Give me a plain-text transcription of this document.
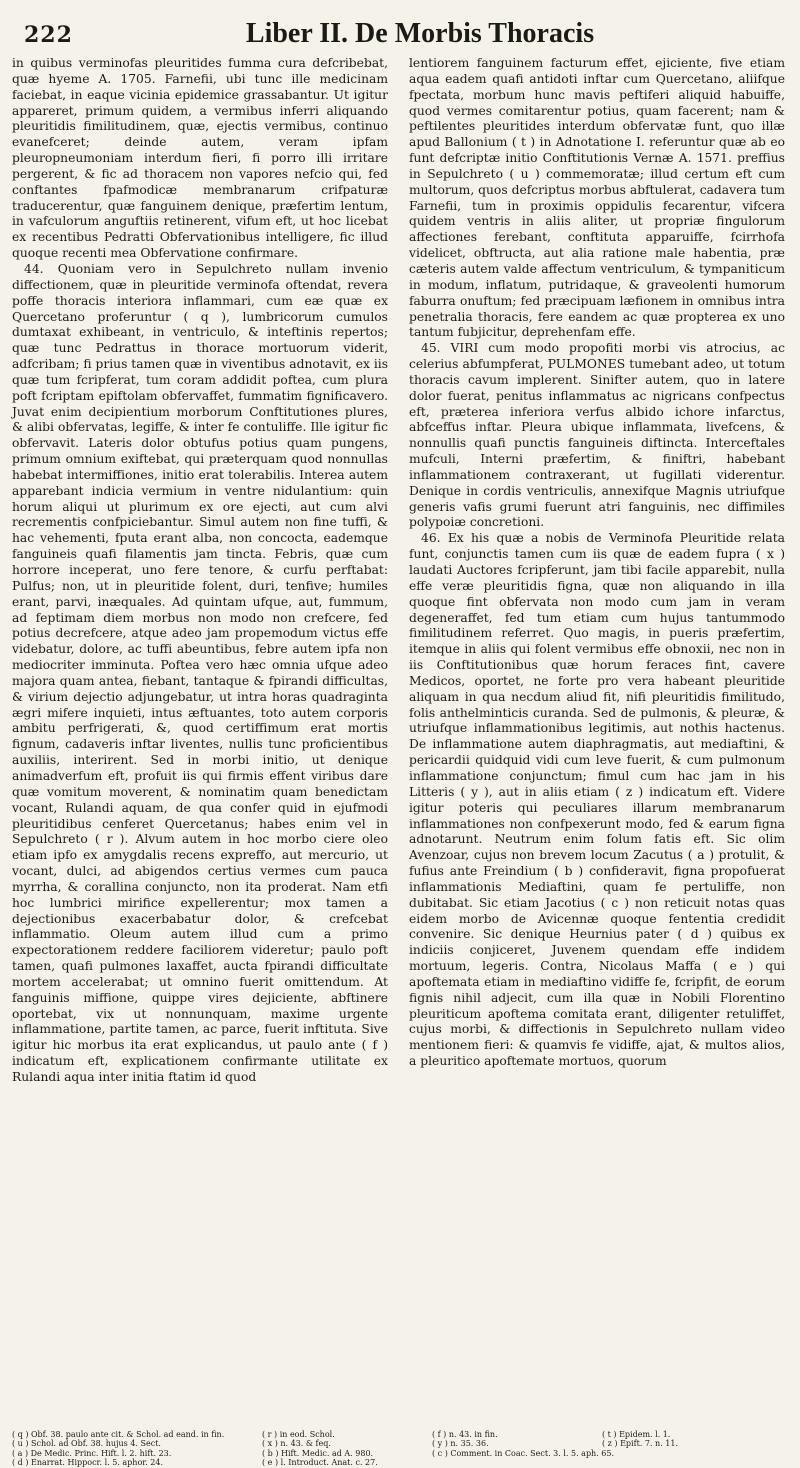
222	Liber II. De Morbis Thoracis

in quibus verminofas pleuritides fumma cura defcribebat, quæ hyeme A. 1705. Farnefii, ubi tunc ille medicinam faciebat, in eaque vicinia epidemice grassabantur. Ut igitur appareret, primum quidem, a vermibus inferri aliquando pleuritidis fimilitudinem, quæ, ejectis vermibus, continuo evanefceret; deinde autem, veram ipfam pleuropneumoniam interdum fieri, fi porro illi irritare pergerent, & fic ad thoracem non vapores nefcio qui, fed conftantes fpafmodicæ membranarum crifpaturæ traducerentur, quæ fanguinem denique, præfertim lentum, in vafculorum anguftiis retinerent, vifum eft, ut hoc licebat ex recentibus Pedratti Obfervationibus intelligere, fic illud quoque recenti mea Obfervatione confirmare.

44. Quoniam vero in Sepulchreto nullam invenio diffectionem, quæ in pleuritide verminofa oftendat, revera poffe thoracis interiora inflammari, cum eæ quæ ex Quercetano proferuntur ( q ), lumbricorum cumulos dumtaxat exhibeant, in ventriculo, & inteftinis repertos; quæ tunc Pedrattus in thorace mortuorum viderit, adfcribam; fi prius tamen quæ in viventibus adnotavit, ex iis quæ tum fcripferat, tum coram addidit poftea, cum plura poft fcriptam epiftolam obfervaffet, fummatim fignificavero. Juvat enim decipientium morborum Conftitutiones plures, & alibi obfervatas, legiffe, & inter fe contuliffe. Ille igitur fic obfervavit. Lateris dolor obtufus potius quam pungens, primum omnium exiftebat, qui præterquam quod nonnullas habebat intermiffiones, initio erat tolerabilis. Interea autem apparebant indicia vermium in ventre nidulantium: quin horum aliqui ut plurimum ex ore ejecti, aut cum alvi recrementis confpiciebantur. Simul autem non fine tuffi, & hac vehementi, fputa erant alba, non concocta, eademque fanguineis quafi filamentis jam tincta. Febris, quæ cum horrore inceperat, uno fere tenore, & curfu perftabat: Pulfus; non, ut in pleuritide folent, duri, tenfive; humiles erant, parvi, inæquales. Ad quintam ufque, aut, fummum, ad feptimam diem morbus non modo non crefcere, fed potius decrefcere, atque adeo jam propemodum victus effe videbatur, dolore, ac tuffi abeuntibus, febre autem ipfa non mediocriter imminuta. Poftea vero hæc omnia ufque adeo majora quam antea, fiebant, tantaque & fpirandi difficultas, & virium dejectio adjungebatur, ut intra horas quadraginta ægri mifere inquieti, intus æftuantes, toto autem corporis ambitu perfrigerati, &, quod certiffimum erat mortis fignum, cadaveris inftar liventes, nullis tunc proficientibus auxiliis, interirent. Sed in morbi initio, ut denique animadverfum eft, profuit iis qui firmis effent viribus dare quæ vomitum moverent, & nominatim quam benedictam vocant, Rulandi aquam, de qua confer quid in ejufmodi pleuritidibus cenferet Quercetanus; habes enim vel in Sepulchreto ( r ). Alvum autem in hoc morbo ciere oleo etiam ipfo ex amygdalis recens expreffo, aut mercurio, ut vocant, dulci, ad abigendos certius vermes cum pauca myrrha, & corallina conjuncto, non ita proderat. Nam etfi hoc lumbrici mirifice expellerentur; mox tamen a dejectionibus exacerbabatur dolor, & crefcebat inflammatio. Oleum autem illud cum a primo expectorationem reddere faciliorem videretur; paulo poft tamen, quafi pulmones laxaffet, aucta fpirandi difficultate mortem accelerabat; ut omnino fuerit omittendum. At fanguinis miffione, quippe vires dejiciente, abftinere oportebat, vix ut nonnunquam, maxime urgente inflammatione, partite tamen, ac parce, fuerit inftituta. Sive igitur hic morbus ita erat explicandus, ut paulo ante ( f ) indicatum eft, explicationem confirmante utilitate ex Rulandi aqua inter initia ftatim id quod

lentiorem fanguinem facturum effet, ejiciente, five etiam aqua eadem quafi antidoti inftar cum Quercetano, aliifque fpectata, morbum hunc mavis peftiferi aliquid habuiffe, quod vermes comitarentur potius, quam facerent; nam & peftilentes pleuritides interdum obfervatæ funt, quo illæ apud Ballonium ( t ) in Adnotatione I. referuntur quæ ab eo funt defcriptæ initio Conftitutionis Vernæ A. 1571. preffius in Sepulchreto ( u ) commemoratæ; illud certum eft cum multorum, quos defcriptus morbus abftulerat, cadavera tum Farnefii, tum in proximis oppidulis fecarentur, vifcera quidem ventris in aliis aliter, ut propriæ fingulorum affectiones ferebant, conftituta apparuiffe, fcirrhofa videlicet, obftructa, aut alia ratione male habentia, præ cæteris autem valde affectum ventriculum, & tympaniticum in modum, inflatum, putridaque, & graveolenti humorum faburra onuftum; fed præcipuam læfionem in omnibus intra penetralia thoracis, fere eandem ac quæ propterea ex uno tantum fubjicitur, deprehenfam effe.

45. VIRI cum modo propofiti morbi vis atrocius, ac celerius abfumpferat, PULMONES tumebant adeo, ut totum thoracis cavum implerent. Sinifter autem, quo in latere dolor fuerat, penitus inflammatus ac nigricans confpectus eft, præterea inferiora verfus albido ichore infarctus, abfceffus inftar. Pleura ubique inflammata, livefcens, & nonnullis quafi punctis fanguineis diftincta. Interceftales mufculi, Interni præfertim, & finiftri, habebant inflammationem contraxerant, ut fugillati viderentur. Denique in cordis ventriculis, annexifque Magnis utriufque generis vafis grumi fuerunt atri fanguinis, nec diffimiles polypoiæ concretioni.

46. Ex his quæ a nobis de Verminofa Pleuritide relata funt, conjunctis tamen cum iis quæ de eadem fupra ( x ) laudati Auctores fcripferunt, jam tibi facile apparebit, nulla effe veræ pleuritidis figna, quæ non aliquando in illa quoque fint obfervata non modo cum jam in veram degeneraffet, fed tum etiam cum hujus tantummodo fimilitudinem referret. Quo magis, in pueris præfertim, itemque in aliis qui folent vermibus effe obnoxii, nec non in iis Conftitutionibus quæ horum feraces fint, cavere Medicos, oportet, ne forte pro vera habeant pleuritide aliquam in qua necdum aliud fit, nifi pleuritidis fimilitudo, folis anthelminticis curanda. Sed de pulmonis, & pleuræ, & utriufque inflammationibus legitimis, aut nothis hactenus. De inflammatione autem diaphragmatis, aut mediaftini, & pericardii quidquid vidi cum leve fuerit, & cum pulmonum inflammatione conjunctum; fimul cum hac jam in his Litteris ( y ), aut in aliis etiam ( z ) indicatum eft. Videre igitur poteris qui peculiares illarum membranarum inflammationes non confpexerunt modo, fed & earum figna adnotarunt. Neutrum enim folum fatis eft. Sic olim Avenzoar, cujus non brevem locum Zacutus ( a ) protulit, & fufius ante Freindium ( b ) confideravit, figna propofuerat inflammationis Mediaftini, quam fe pertuliffe, non dubitabat. Sic etiam Jacotius ( c ) non reticuit notas quas eidem morbo de Avicennæ quoque fententia credidit convenire. Sic denique Heurnius pater ( d ) quibus ex indiciis conjiceret, Juvenem quendam effe indidem mortuum, legeris. Contra, Nicolaus Maffa ( e ) qui apoftemata etiam in mediaftino vidiffe fe, fcripfit, de eorum fignis nihil adjecit, cum illa quæ in Nobili Florentino pleuriticum apoftema comitata erant, diligenter retuliffet, cujus morbi, & diffectionis in Sepulchreto nullam video mentionem fieri: & quamvis fe vidiffe, ajat, & multos alios, a pleuritico apoftemate mortuos, quorum

( q ) Obf. 38. paulo ante cit. & Schol. ad eand. in fin.	( r ) in eod. Schol.	( f ) n. 43. in fin.	( t ) Epidem. l. 1.
( u ) Schol. ad Obf. 38. hujus 4. Sect.	( x ) n. 43. & feq.	( y ) n. 35. 36.	( z ) Epift. 7. n. 11.
( a ) De Medic. Princ. Hift. l. 2. hift. 23.	( b ) Hift. Medic. ad A. 980.	( c ) Comment. in Coac. Sect. 3. l. 5. aph. 65.
( d ) Enarrat. Hippocr. l. 5. aphor. 24.	( e ) l. Introduct. Anat. c. 27.
